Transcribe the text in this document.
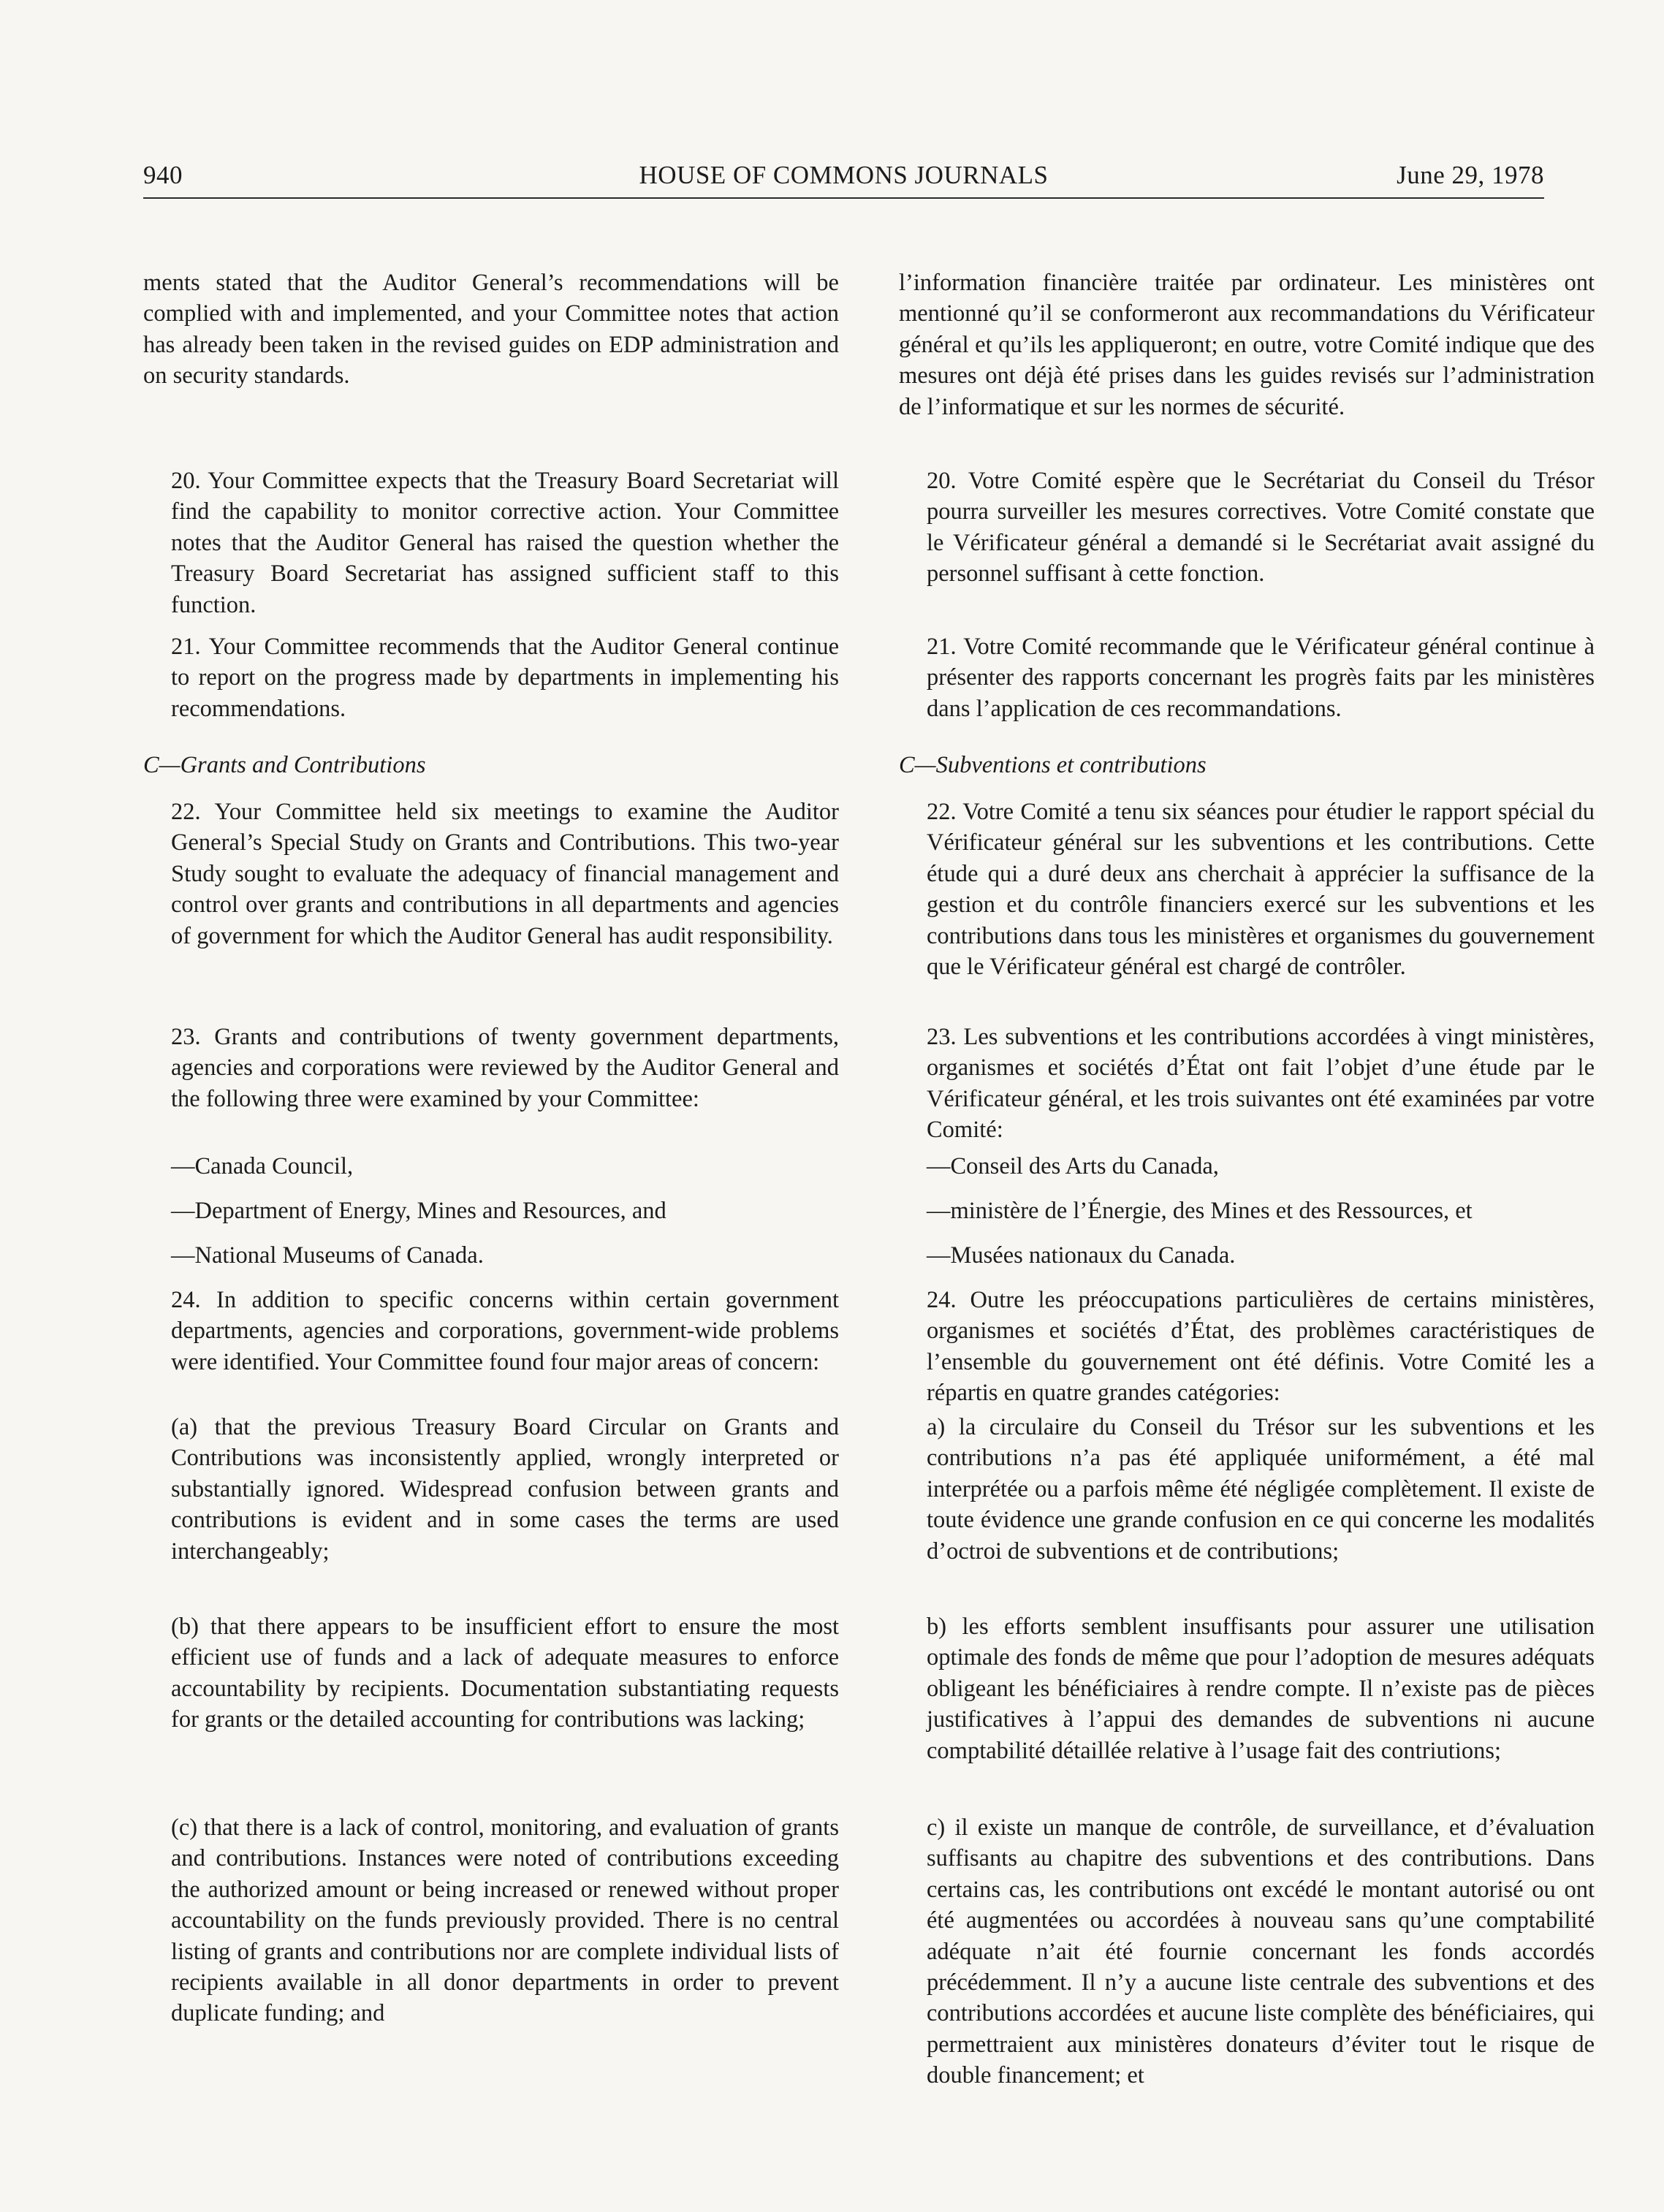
940	HOUSE OF COMMONS JOURNALS	June 29, 1978

ments stated that the Auditor General’s recommendations will be complied with and implemented, and your Committee notes that action has already been taken in the revised guides on EDP administration and on security standards.

20. Your Committee expects that the Treasury Board Secretariat will find the capability to monitor corrective action. Your Committee notes that the Auditor General has raised the question whether the Treasury Board Secretariat has assigned sufficient staff to this function.

21. Your Committee recommends that the Auditor General continue to report on the progress made by departments in implementing his recommendations.

C—Grants and Contributions

22. Your Committee held six meetings to examine the Auditor General’s Special Study on Grants and Contributions. This two-year Study sought to evaluate the adequacy of financial management and control over grants and contributions in all departments and agencies of government for which the Auditor General has audit responsibility.

23. Grants and contributions of twenty government departments, agencies and corporations were reviewed by the Auditor General and the following three were examined by your Committee:

—Canada Council,

—Department of Energy, Mines and Resources, and

—National Museums of Canada.

24. In addition to specific concerns within certain government departments, agencies and corporations, government-wide problems were identified. Your Committee found four major areas of concern:

(a) that the previous Treasury Board Circular on Grants and Contributions was inconsistently applied, wrongly interpreted or substantially ignored. Widespread confusion between grants and contributions is evident and in some cases the terms are used interchangeably;

(b) that there appears to be insufficient effort to ensure the most efficient use of funds and a lack of adequate measures to enforce accountability by recipients. Documentation substantiating requests for grants or the detailed accounting for contributions was lacking;

(c) that there is a lack of control, monitoring, and evaluation of grants and contributions. Instances were noted of contributions exceeding the authorized amount or being increased or renewed without proper accountability on the funds previously provided. There is no central listing of grants and contributions nor are complete individual lists of recipients available in all donor departments in order to prevent duplicate funding; and

l’information financière traitée par ordinateur. Les ministères ont mentionné qu’il se conformeront aux recommandations du Vérificateur général et qu’ils les appliqueront; en outre, votre Comité indique que des mesures ont déjà été prises dans les guides revisés sur l’administration de l’informatique et sur les normes de sécurité.

20. Votre Comité espère que le Secrétariat du Conseil du Trésor pourra surveiller les mesures correctives. Votre Comité constate que le Vérificateur général a demandé si le Secrétariat avait assigné du personnel suffisant à cette fonction.

21. Votre Comité recommande que le Vérificateur général continue à présenter des rapports concernant les progrès faits par les ministères dans l’application de ces recommandations.

C—Subventions et contributions

22. Votre Comité a tenu six séances pour étudier le rapport spécial du Vérificateur général sur les subventions et les contributions. Cette étude qui a duré deux ans cherchait à apprécier la suffisance de la gestion et du contrôle financiers exercé sur les subventions et les contributions dans tous les ministères et organismes du gouvernement que le Vérificateur général est chargé de contrôler.

23. Les subventions et les contributions accordées à vingt ministères, organismes et sociétés d’État ont fait l’objet d’une étude par le Vérificateur général, et les trois suivantes ont été examinées par votre Comité:

—Conseil des Arts du Canada,

—ministère de l’Énergie, des Mines et des Ressources, et

—Musées nationaux du Canada.

24. Outre les préoccupations particulières de certains ministères, organismes et sociétés d’État, des problèmes caractéristiques de l’ensemble du gouvernement ont été définis. Votre Comité les a répartis en quatre grandes catégories:

a) la circulaire du Conseil du Trésor sur les subventions et les contributions n’a pas été appliquée uniformément, a été mal interprétée ou a parfois même été négligée complètement. Il existe de toute évidence une grande confusion en ce qui concerne les modalités d’octroi de subventions et de contributions;

b) les efforts semblent insuffisants pour assurer une utilisation optimale des fonds de même que pour l’adoption de mesures adéquats obligeant les bénéficiaires à rendre compte. Il n’existe pas de pièces justificatives à l’appui des demandes de subventions ni aucune comptabilité détaillée relative à l’usage fait des contriutions;

c) il existe un manque de contrôle, de surveillance, et d’évaluation suffisants au chapitre des subventions et des contributions. Dans certains cas, les contributions ont excédé le montant autorisé ou ont été augmentées ou accordées à nouveau sans qu’une comptabilité adéquate n’ait été fournie concernant les fonds accordés précédemment. Il n’y a aucune liste centrale des subventions et des contributions accordées et aucune liste complète des bénéficiaires, qui permettraient aux ministères donateurs d’éviter tout le risque de double financement; et
